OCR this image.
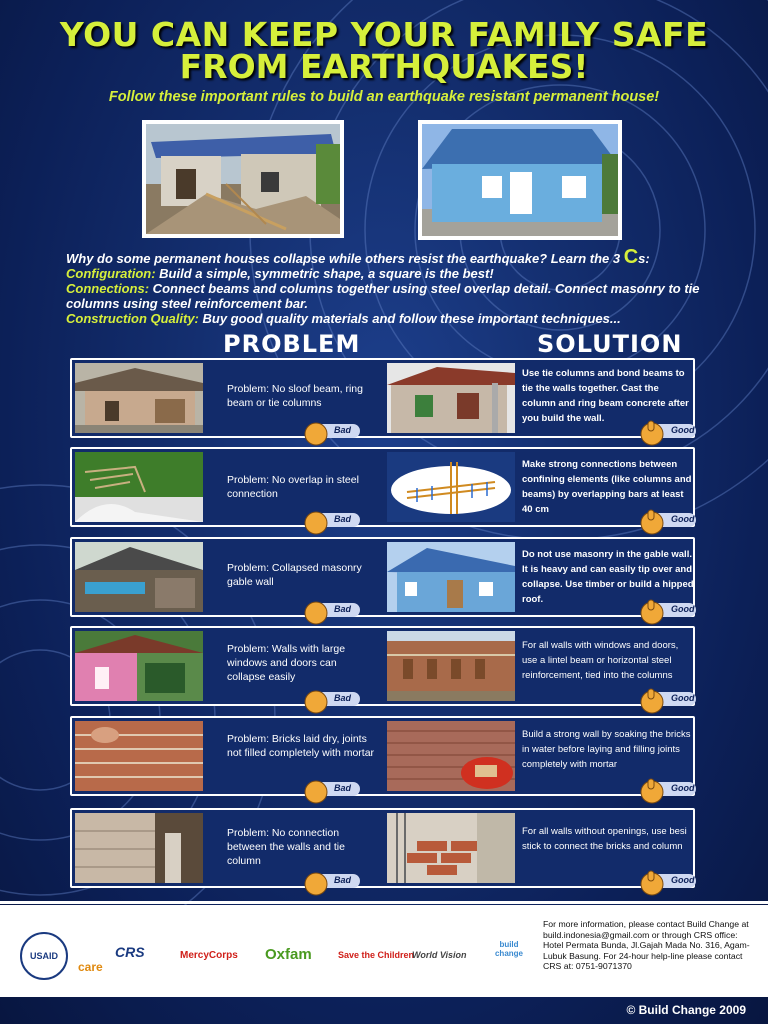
YOU CAN KEEP YOUR FAMILY SAFE
FROM EARTHQUAKES!
Follow these important rules to build an earthquake resistant permanent house!
Why do some permanent houses collapse while others resist the earthquake? Learn the 3 Cs:
Configuration: Build a simple, symmetric shape, a square is the best!
Connections: Connect beams and columns together using steel overlap detail. Connect masonry to tie columns using steel reinforcement bar.
Construction Quality: Buy good quality materials and follow these important techniques...
PROBLEM	SOLUTION
Problem: No sloof beam, ring beam or tie columns
Bad
Use tie columns and bond beams to tie the walls together. Cast the column and ring beam concrete after you build the wall.
Good
Problem: No overlap in steel connection
Bad
Make strong connections between confining elements (like columns and beams) by overlapping bars at least 40 cm
Good
Problem: Collapsed masonry gable wall
Bad
Do not use masonry in the gable wall. It is heavy and can easily tip over and collapse. Use timber or build a hipped roof.
Good
Problem: Walls with large windows and doors can collapse easily
Bad
For all walls with windows and doors, use a lintel beam or horizontal steel reinforcement, tied into the columns
Good
Problem: Bricks laid dry, joints not filled completely with mortar
Bad
Build a strong wall by soaking the bricks in water before laying and filling joints completely with mortar
Good
Problem: No connection between the walls and tie column
Bad
For all walls without openings, use besi stick to connect the bricks and column
Good
USAID
care
CRS	MercyCorps Oxfam	Save the Children
World Vision
build change
For more information, please contact Build Change at build.indonesia@gmail.com or through CRS office: Hotel Permata Bunda, Jl.Gajah Mada No. 316, Agam-Lubuk Basung. For 24-hour help-line please contact CRS at: 0751-9071370
© Build Change 2009
